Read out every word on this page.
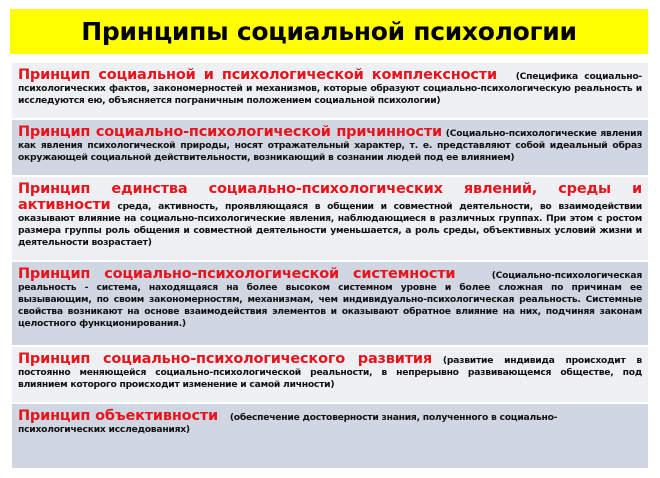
Принципы социальной психологии
Принцип социальной и психологической комплексности (Специфика социально-психологических фактов, закономерностей и механизмов, которые образуют социально-психологическую реальность и исследуются ею, объясняется пограничным положением социальной психологии)
Принцип социально-психологической причинности (Социально-психологические явления как явления психологической природы, носят отражательный характер, т. е. представляют собой идеальный образ окружающей социальной действительности, возникающий в сознании людей под ее влиянием)
Принцип единства социально-психологических явлений, среды и активности среда, активность, проявляющаяся в общении и совместной деятельности, во взаимодействии оказывают влияние на социально-психологические явления, наблюдающиеся в различных группах. При этом с ростом размера группы роль общения и совместной деятельности уменьшается, а роль среды, объективных условий жизни и деятельности возрастает)
Принцип социально-психологической системности	(Социально-психологическая реальность - система, находящаяся на более высоком системном уровне и более сложная по причинам ее вызывающим, по своим закономерностям, механизмам, чем индивидуально-психологическая реальность. Системные свойства возникают на основе взаимодействия элементов и оказывают обратное влияние на них, подчиняя законам целостного функционирования.)
Принцип социально-психологического развития (развитие индивида происходит в постоянно меняющейся социально-психологической реальности, в непрерывно развивающемся обществе, под влиянием которого происходит изменение и самой личности)
Принцип объективности (обеспечение достоверности знания, полученного в социально-психологических исследованиях)
